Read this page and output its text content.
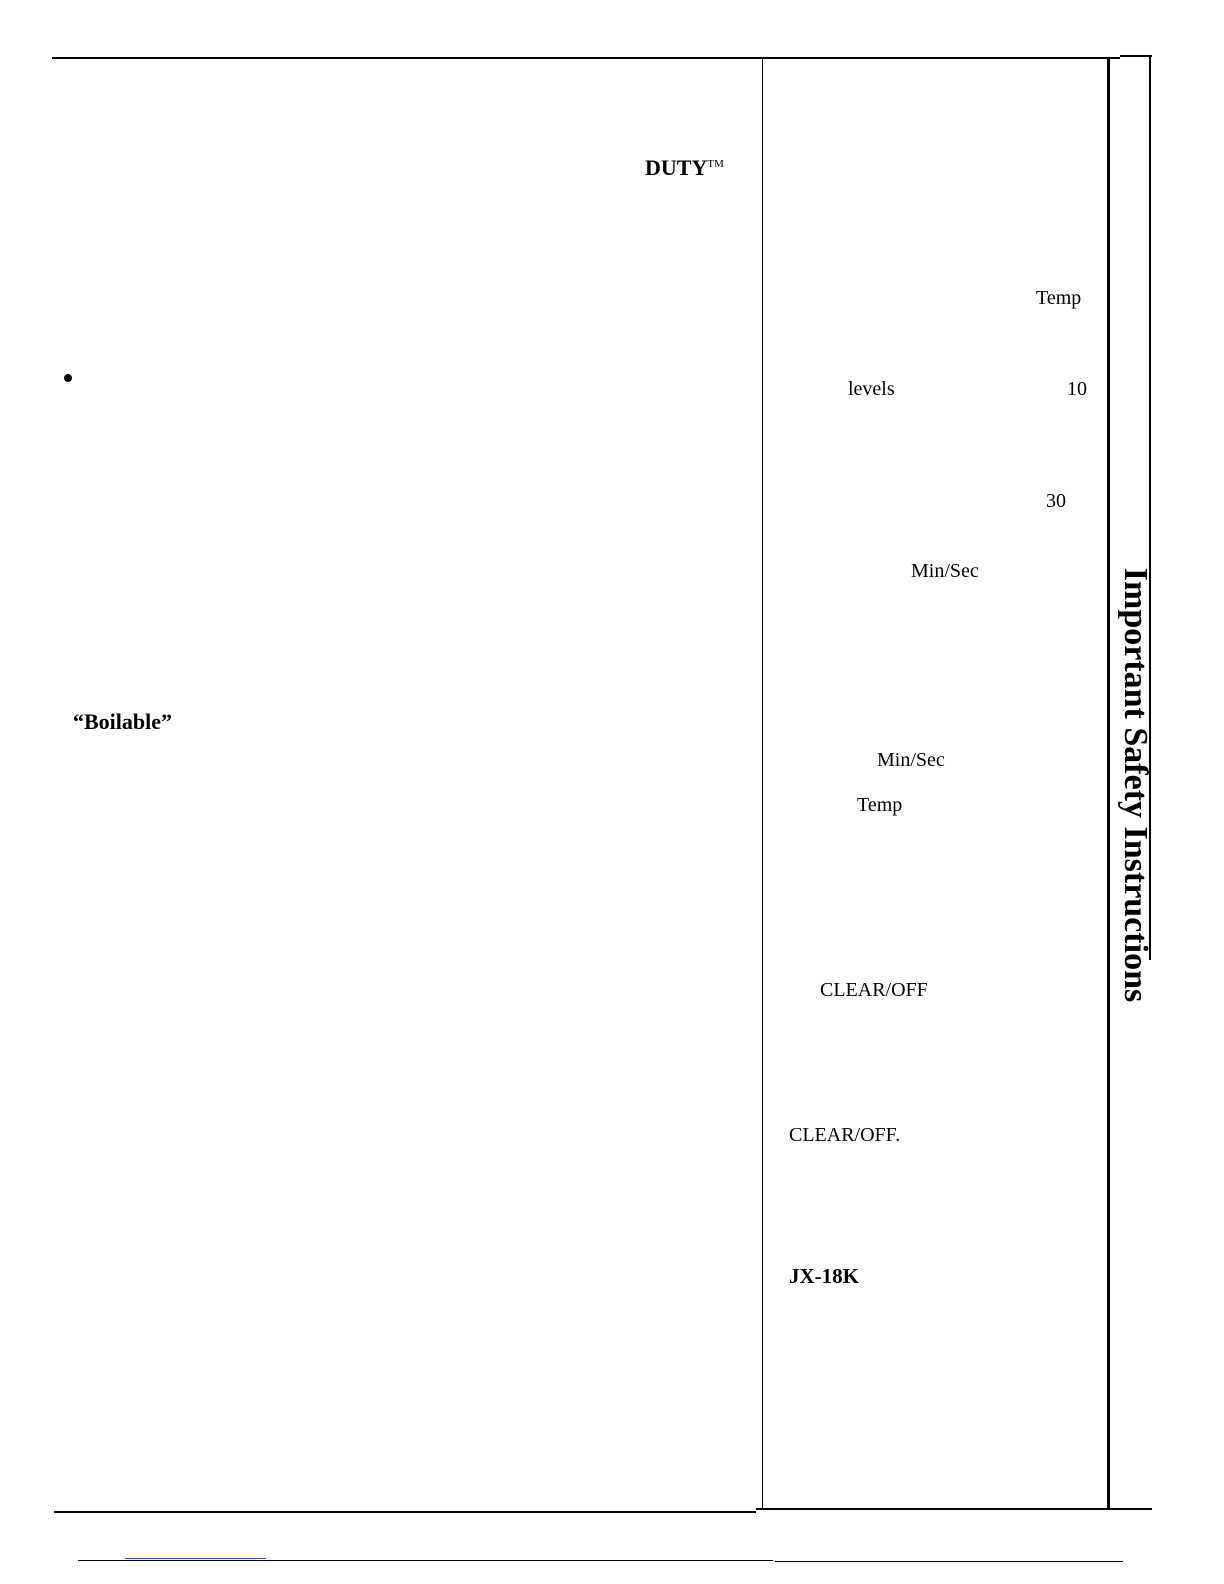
DUTY™
“Boilable”
Temp
levels	10
30
Min/Sec
Min/Sec
Temp
CLEAR/OFF
CLEAR/OFF.
JX-18K
Important Safety Instructions
